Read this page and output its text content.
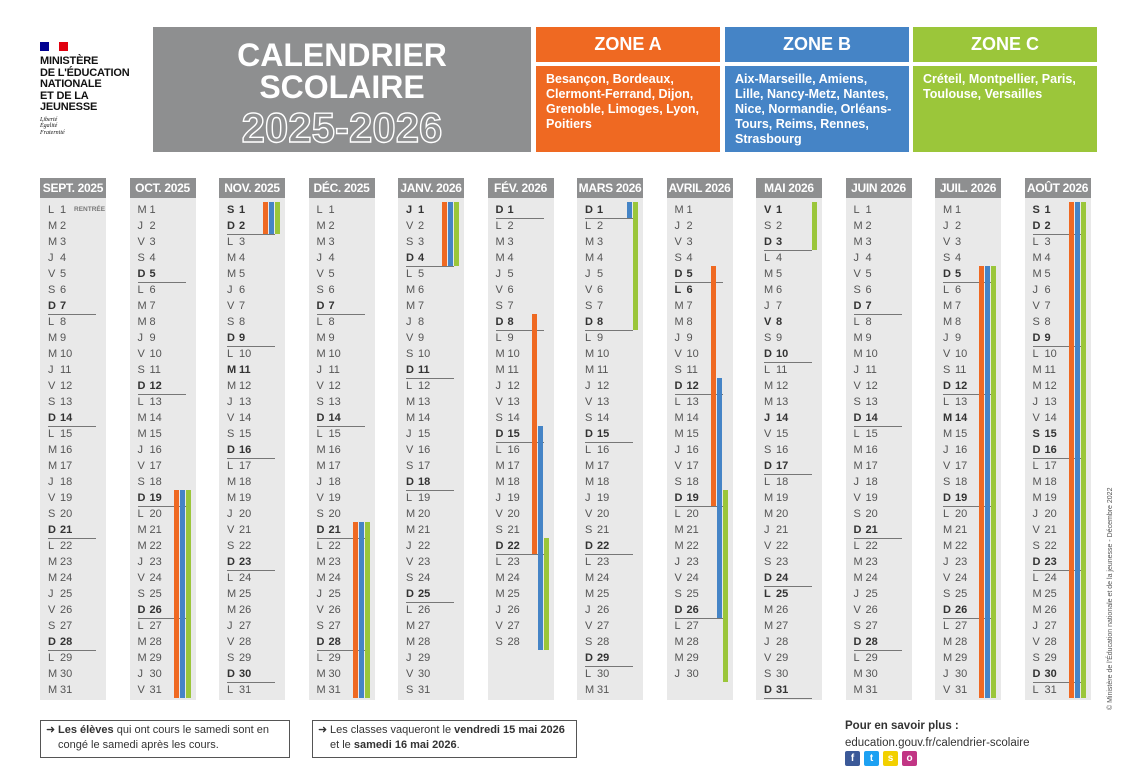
MINISTÈRE
DE L'ÉDUCATION
NATIONALE
ET DE LA JEUNESSE
Liberté
Égalité
Fraternité
CALENDRIER
SCOLAIRE
2025-2026
ZONE A	ZONE B	ZONE C
Besançon, Bordeaux, Clermont-Ferrand, Dijon, Grenoble, Limoges, Lyon, Poitiers
Aix-Marseille, Amiens, Lille, Nancy-Metz, Nantes, Nice, Normandie, Orléans-Tours, Reims, Rennes, Strasbourg
Créteil, Montpellier, Paris, Toulouse, Versailles
SEPT. 2025
L 1 RENTRÉE
M 2
M 3
J 4
V 5
S 6
D 7
L 8
M 9
M 10
J 11
V 12
S 13
D 14
L 15
M 16
M 17
J 18
V 19
S 20
D 21
L 22
M 23
M 24
J 25
V 26
S 27
D 28
L 29
M 30
M 31
OCT. 2025
M 1
J 2
V 3
S 4
D 5
L 6
M 7
M 8
J 9
V 10
S 11
D 12
L 13
M 14
M 15
J 16
V 17
S 18
D 19
L 20
M 21
M 22
J 23
V 24
S 25
D 26
L 27
M 28
M 29
J 30
V 31
NOV. 2025
S 1
D 2
L 3
M 4
M 5
J 6
V 7
S 8
D 9
L 10
M 11
M 12
J 13
V 14
S 15
D 16
L 17
M 18
M 19
J 20
V 21
S 22
D 23
L 24
M 25
M 26
J 27
V 28
S 29
D 30
L 31
DÉC. 2025
L 1
M 2
M 3
J 4
V 5
S 6
D 7
L 8
M 9
M 10
J 11
V 12
S 13
D 14
L 15
M 16
M 17
J 18
V 19
S 20
D 21
L 22
M 23
M 24
J 25
V 26
S 27
D 28
L 29
M 30
M 31
JANV. 2026
J 1
V 2
S 3
D 4
L 5
M 6
M 7
J 8
V 9
S 10
D 11
L 12
M 13
M 14
J 15
V 16
S 17
D 18
L 19
M 20
M 21
J 22
V 23
S 24
D 25
L 26
M 27
M 28
J 29
V 30
S 31
FÉV. 2026
D 1
L 2
M 3
M 4
J 5
V 6
S 7
D 8
L 9
M 10
M 11
J 12
V 13
S 14
D 15
L 16
M 17
M 18
J 19
V 20
S 21
D 22
L 23
M 24
M 25
J 26
V 27
S 28
MARS 2026
D 1
L 2
M 3
M 4
J 5
V 6
S 7
D 8
L 9
M 10
M 11
J 12
V 13
S 14
D 15
L 16
M 17
M 18
J 19
V 20
S 21
D 22
L 23
M 24
M 25
J 26
V 27
S 28
D 29
L 30
M 31
AVRIL 2026
M 1
J 2
V 3
S 4
D 5
L 6
M 7
M 8
J 9
V 10
S 11
D 12
L 13
M 14
M 15
J 16
V 17
S 18
D 19
L 20
M 21
M 22
J 23
V 24
S 25
D 26
L 27
M 28
M 29
J 30
MAI 2026
V 1
S 2
D 3
L 4
M 5
M 6
J 7
V 8
S 9
D 10
L 11
M 12
M 13
J 14
V 15
S 16
D 17
L 18
M 19
M 20
J 21
V 22
S 23
D 24
L 25
M 26
M 27
J 28
V 29
S 30
D 31
JUIN 2026
L 1
M 2
M 3
J 4
V 5
S 6
D 7
L 8
M 9
M 10
J 11
V 12
S 13
D 14
L 15
M 16
M 17
J 18
V 19
S 20
D 21
L 22
M 23
M 24
J 25
V 26
S 27
D 28
L 29
M 30
M 31
JUIL. 2026
M 1
J 2
V 3
S 4
D 5
L 6
M 7
M 8
J 9
V 10
S 11
D 12
L 13
M 14
M 15
J 16
V 17
S 18
D 19
L 20
M 21
M 22
J 23
V 24
S 25
D 26
L 27
M 28
M 29
J 30
V 31
AOÛT 2026
S 1
D 2
L 3
M 4
M 5
J 6
V 7
S 8
D 9
L 10
M 11
M 12
J 13
V 14
S 15
D 16
L 17
M 18
M 19
J 20
V 21
S 22
D 23
L 24
M 25
M 26
J 27
V 28
S 29
D 30
L 31
➜ Les élèves qui ont cours le samedi sont en congé le samedi après les cours.
➜ Les classes vaqueront le vendredi 15 mai 2026 et le samedi 16 mai 2026.
Pour en savoir plus :
education.gouv.fr/calendrier-scolaire
f	t	s	o
© Ministère de l'Éducation nationale et de la jeunesse - Décembre 2022
